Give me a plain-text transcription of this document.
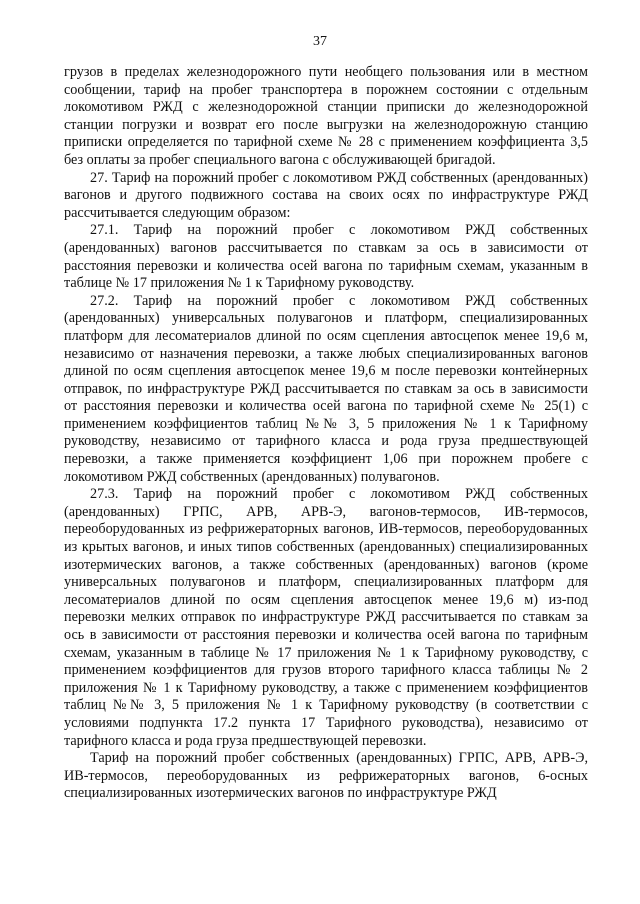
37

грузов в пределах железнодорожного пути необщего пользования или в местном сообщении, тариф на пробег транспортера в порожнем состоянии с отдельным локомотивом РЖД с железнодорожной станции приписки до железнодорожной станции погрузки и возврат его после выгрузки на железнодорожную станцию приписки определяется по тарифной схеме № 28 с применением коэффициента 3,5 без оплаты за пробег специального вагона с обслуживающей бригадой.

27. Тариф на порожний пробег с локомотивом РЖД собственных (арендованных) вагонов и другого подвижного состава на своих осях по инфраструктуре РЖД рассчитывается следующим образом:

27.1. Тариф на порожний пробег с локомотивом РЖД собственных (арендованных) вагонов рассчитывается по ставкам за ось в зависимости от расстояния перевозки и количества осей вагона по тарифным схемам, указанным в таблице № 17 приложения № 1 к Тарифному руководству.

27.2. Тариф на порожний пробег с локомотивом РЖД собственных (арендованных) универсальных полувагонов и платформ, специализированных платформ для лесоматериалов длиной по осям сцепления автосцепок менее 19,6 м, независимо от назначения перевозки, а также любых специализированных вагонов длиной по осям сцепления автосцепок менее 19,6 м после перевозки контейнерных отправок, по инфраструктуре РЖД рассчитывается по ставкам за ось в зависимости от расстояния перевозки и количества осей вагона по тарифной схеме № 25(1) с применением коэффициентов таблиц №№ 3, 5 приложения № 1 к Тарифному руководству, независимо от тарифного класса и рода груза предшествующей перевозки, а также применяется коэффициент 1,06 при порожнем пробеге с локомотивом РЖД собственных (арендованных) полувагонов.

27.3. Тариф на порожний пробег с локомотивом РЖД собственных (арендованных) ГРПС, АРВ, АРВ-Э, вагонов-термосов, ИВ-термосов, переоборудованных из рефрижераторных вагонов, ИВ-термосов, переоборудованных из крытых вагонов, и иных типов собственных (арендованных) специализированных изотермических вагонов, а также собственных (арендованных) вагонов (кроме универсальных полувагонов и платформ, специализированных платформ для лесоматериалов длиной по осям сцепления автосцепок менее 19,6 м) из-под перевозки мелких отправок по инфраструктуре РЖД рассчитывается по ставкам за ось в зависимости от расстояния перевозки и количества осей вагона по тарифным схемам, указанным в таблице № 17 приложения № 1 к Тарифному руководству, с применением коэффициентов для грузов второго тарифного класса таблицы № 2 приложения № 1 к Тарифному руководству, а также с применением коэффициентов таблиц №№ 3, 5 приложения № 1 к Тарифному руководству (в соответствии с условиями подпункта 17.2 пункта 17 Тарифного руководства), независимо от тарифного класса и рода груза предшествующей перевозки.

Тариф на порожний пробег собственных (арендованных) ГРПС, АРВ, АРВ-Э, ИВ-термосов, переоборудованных из рефрижераторных вагонов, 6-осных специализированных изотермических вагонов по инфраструктуре РЖД
